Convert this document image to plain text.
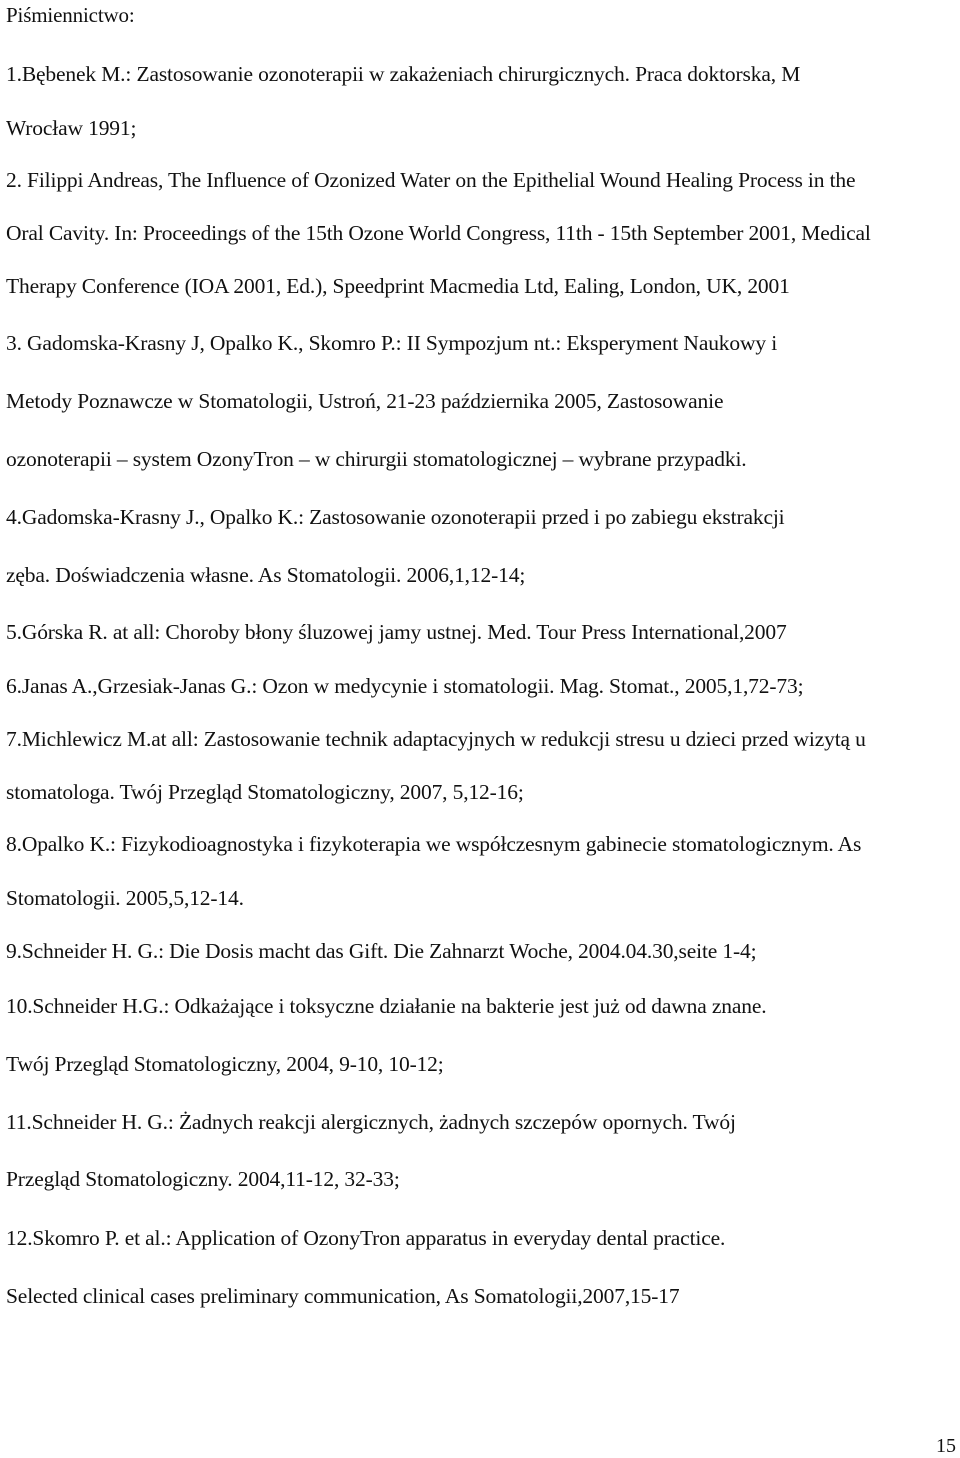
Piśmiennictwo:
1.Bębenek M.: Zastosowanie ozonoterapii w zakażeniach chirurgicznych. Praca doktorska, M
Wrocław 1991;
2. Filippi Andreas, The Influence of Ozonized Water on the Epithelial Wound Healing Process in the
Oral Cavity. In: Proceedings of the 15th Ozone World Congress, 11th - 15th September 2001, Medical
Therapy Conference (IOA 2001, Ed.), Speedprint Macmedia Ltd, Ealing, London, UK, 2001
3. Gadomska-Krasny J, Opalko K., Skomro P.: II Sympozjum nt.: Eksperyment Naukowy i
Metody Poznawcze w Stomatologii, Ustroń, 21-23 października 2005, Zastosowanie
ozonoterapii – system OzonyTron – w chirurgii stomatologicznej – wybrane przypadki.
4.Gadomska-Krasny J., Opalko K.: Zastosowanie ozonoterapii przed i po zabiegu ekstrakcji
zęba. Doświadczenia własne. As Stomatologii. 2006,1,12-14;
5.Górska R. at all: Choroby błony śluzowej jamy ustnej. Med. Tour Press International,2007
6.Janas A.,Grzesiak-Janas G.: Ozon w medycynie i stomatologii. Mag. Stomat., 2005,1,72-73;
7.Michlewicz M.at all: Zastosowanie technik adaptacyjnych w redukcji stresu u dzieci przed wizytą u
stomatologa. Twój Przegląd Stomatologiczny, 2007, 5,12-16;
8.Opalko K.: Fizykodioagnostyka i fizykoterapia we współczesnym gabinecie stomatologicznym. As
Stomatologii. 2005,5,12-14.
9.Schneider H. G.: Die Dosis macht das Gift. Die Zahnarzt Woche, 2004.04.30,seite 1-4;
10.Schneider H.G.: Odkażające i toksyczne działanie na bakterie jest już od dawna znane.
Twój Przegląd Stomatologiczny, 2004, 9-10, 10-12;
11.Schneider H. G.: Żadnych reakcji alergicznych, żadnych szczepów opornych. Twój
Przegląd Stomatologiczny. 2004,11-12, 32-33;
12.Skomro P. et al.: Application of OzonyTron apparatus in everyday dental practice.
Selected clinical cases preliminary communication, As Somatologii,2007,15-17
15
